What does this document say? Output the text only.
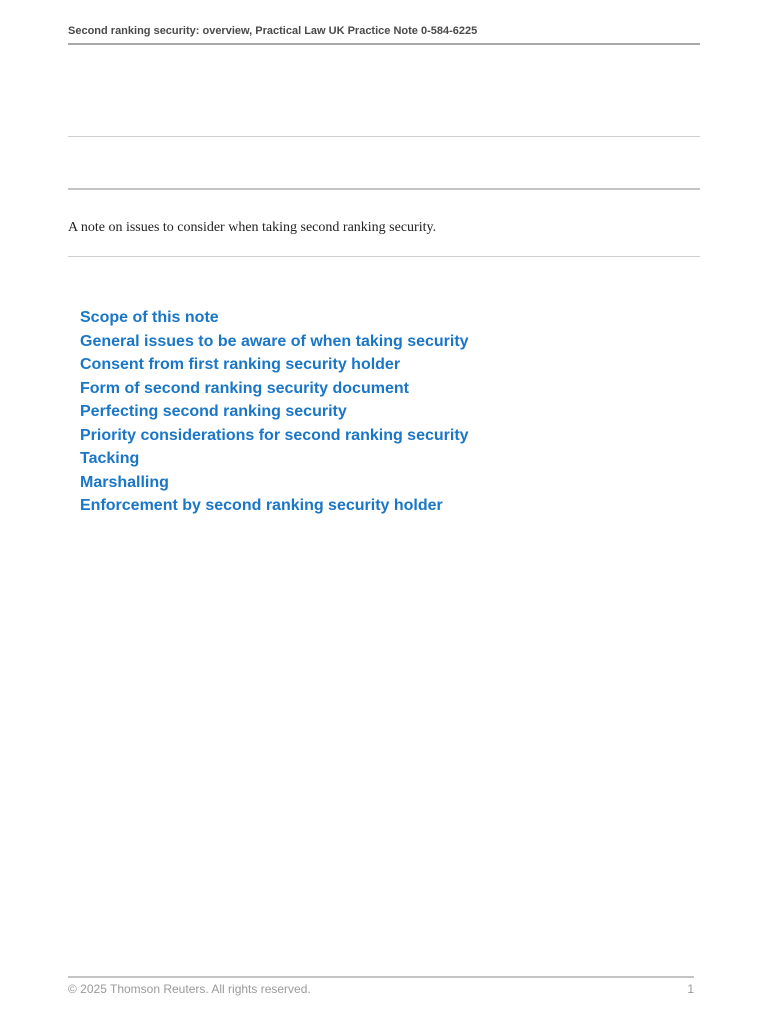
Second ranking security: overview, Practical Law UK Practice Note 0-584-6225

A note on issues to consider when taking second ranking security.

Scope of this note
General issues to be aware of when taking security
Consent from first ranking security holder
Form of second ranking security document
Perfecting second ranking security
Priority considerations for second ranking security
Tacking
Marshalling
Enforcement by second ranking security holder
© 2025 Thomson Reuters. All rights reserved.	1
